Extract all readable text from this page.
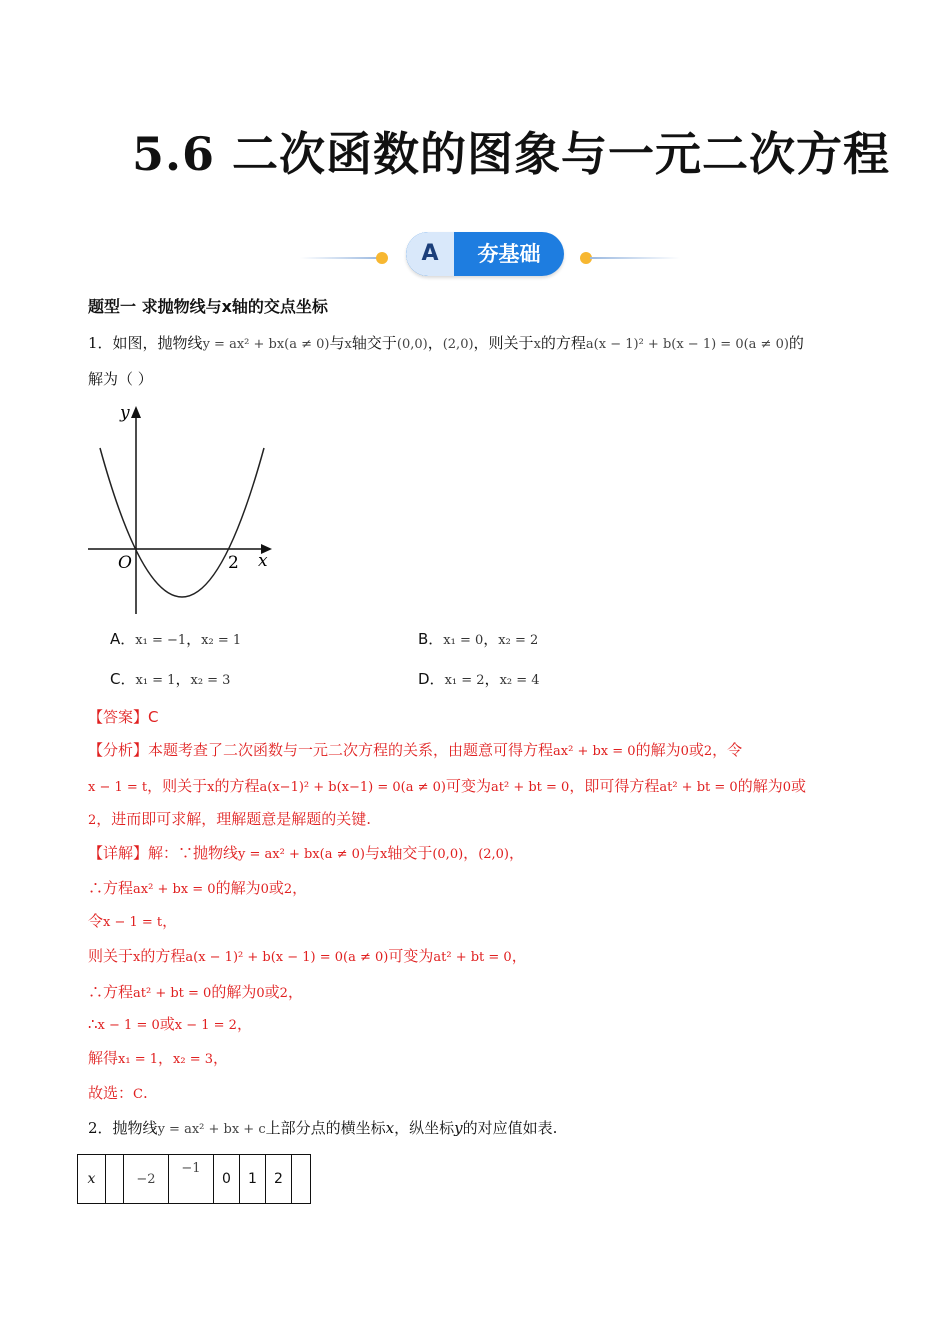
5.6 二次函数的图象与一元二次方程
A	夯基础
题型一 求抛物线与x轴的交点坐标
1．如图，抛物线y = ax² + bx(a ≠ 0)与x轴交于(0,0)，(2,0)，则关于x的方程a(x − 1)² + b(x − 1) = 0(a ≠ 0)的
解为（ ）
y
x
O	2
A．x₁ = −1，x₂ = 1	B．x₁ = 0，x₂ = 2
C．x₁ = 1，x₂ = 3	D．x₁ = 2，x₂ = 4
【答案】C
【分析】本题考查了二次函数与一元二次方程的关系，由题意可得方程ax² + bx = 0的解为0或2，令
x − 1 = t，则关于x的方程a(x−1)² + b(x−1) = 0(a ≠ 0)可变为at² + bt = 0，即可得方程at² + bt = 0的解为0或
2，进而即可求解，理解题意是解题的关键.
【详解】解：∵抛物线y = ax² + bx(a ≠ 0)与x轴交于(0,0)，(2,0)，
∴方程ax² + bx = 0的解为0或2，
令x − 1 = t，
则关于x的方程a(x − 1)² + b(x − 1) = 0(a ≠ 0)可变为at² + bt = 0，
∴方程at² + bt = 0的解为0或2，
∴x − 1 = 0或x − 1 = 2，
解得x₁ = 1，x₂ = 3，
故选：C.
2．抛物线y = ax² + bx + c上部分点的横坐标x，纵坐标y的对应值如表.
x		−2	−1	0	1	2	
